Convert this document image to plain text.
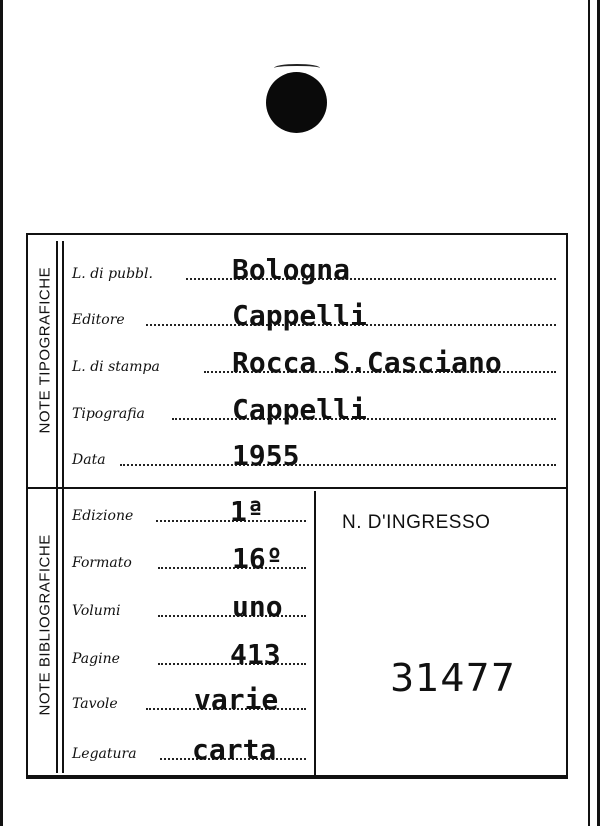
NOTE TIPOGRAFICHE
NOTE BIBLIOGRAFICHE
L. di pubbl.	Bologna
Editore	Cappelli
L. di stampa	Rocca S.Casciano
Tipografia	Cappelli
Data	1955
Edizione	1ª
Formato	16º
Volumi	uno
Pagine	413
Tavole	varie
Legatura carta
N. D'INGRESSO
31477
